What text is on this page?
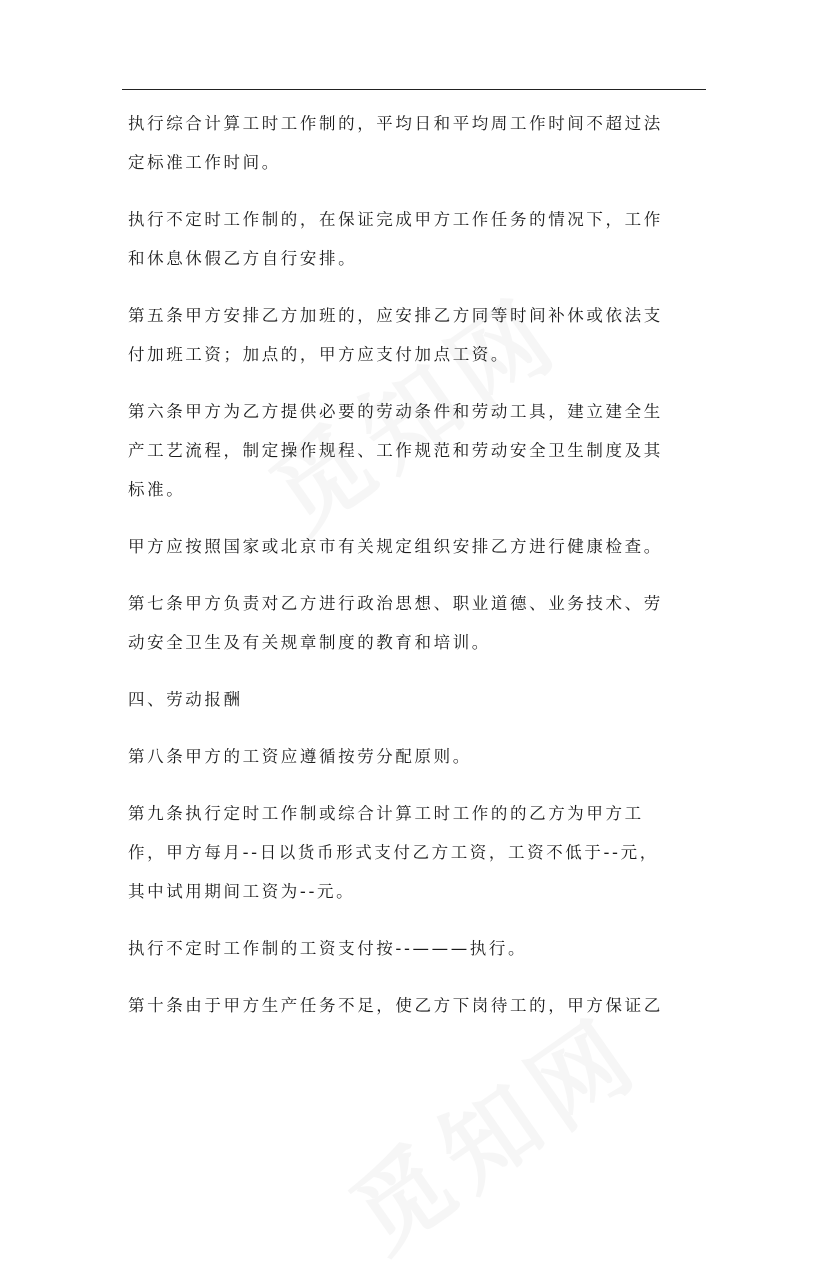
执行综合计算工时工作制的，平均日和平均周工作时间不超过法
定标准工作时间。

执行不定时工作制的，在保证完成甲方工作任务的情况下，工作
和休息休假乙方自行安排。

第五条甲方安排乙方加班的，应安排乙方同等时间补休或依法支
付加班工资；加点的，甲方应支付加点工资。

第六条甲方为乙方提供必要的劳动条件和劳动工具，建立建全生
产工艺流程，制定操作规程、工作规范和劳动安全卫生制度及其
标准。

甲方应按照国家或北京市有关规定组织安排乙方进行健康检查。

第七条甲方负责对乙方进行政治思想、职业道德、业务技术、劳
动安全卫生及有关规章制度的教育和培训。

四、劳动报酬

第八条甲方的工资应遵循按劳分配原则。

第九条执行定时工作制或综合计算工时工作的的乙方为甲方工
作，甲方每月--日以货币形式支付乙方工资，工资不低于--元，
其中试用期间工资为--元。

执行不定时工作制的工资支付按--———执行。

第十条由于甲方生产任务不足，使乙方下岗待工的，甲方保证乙
